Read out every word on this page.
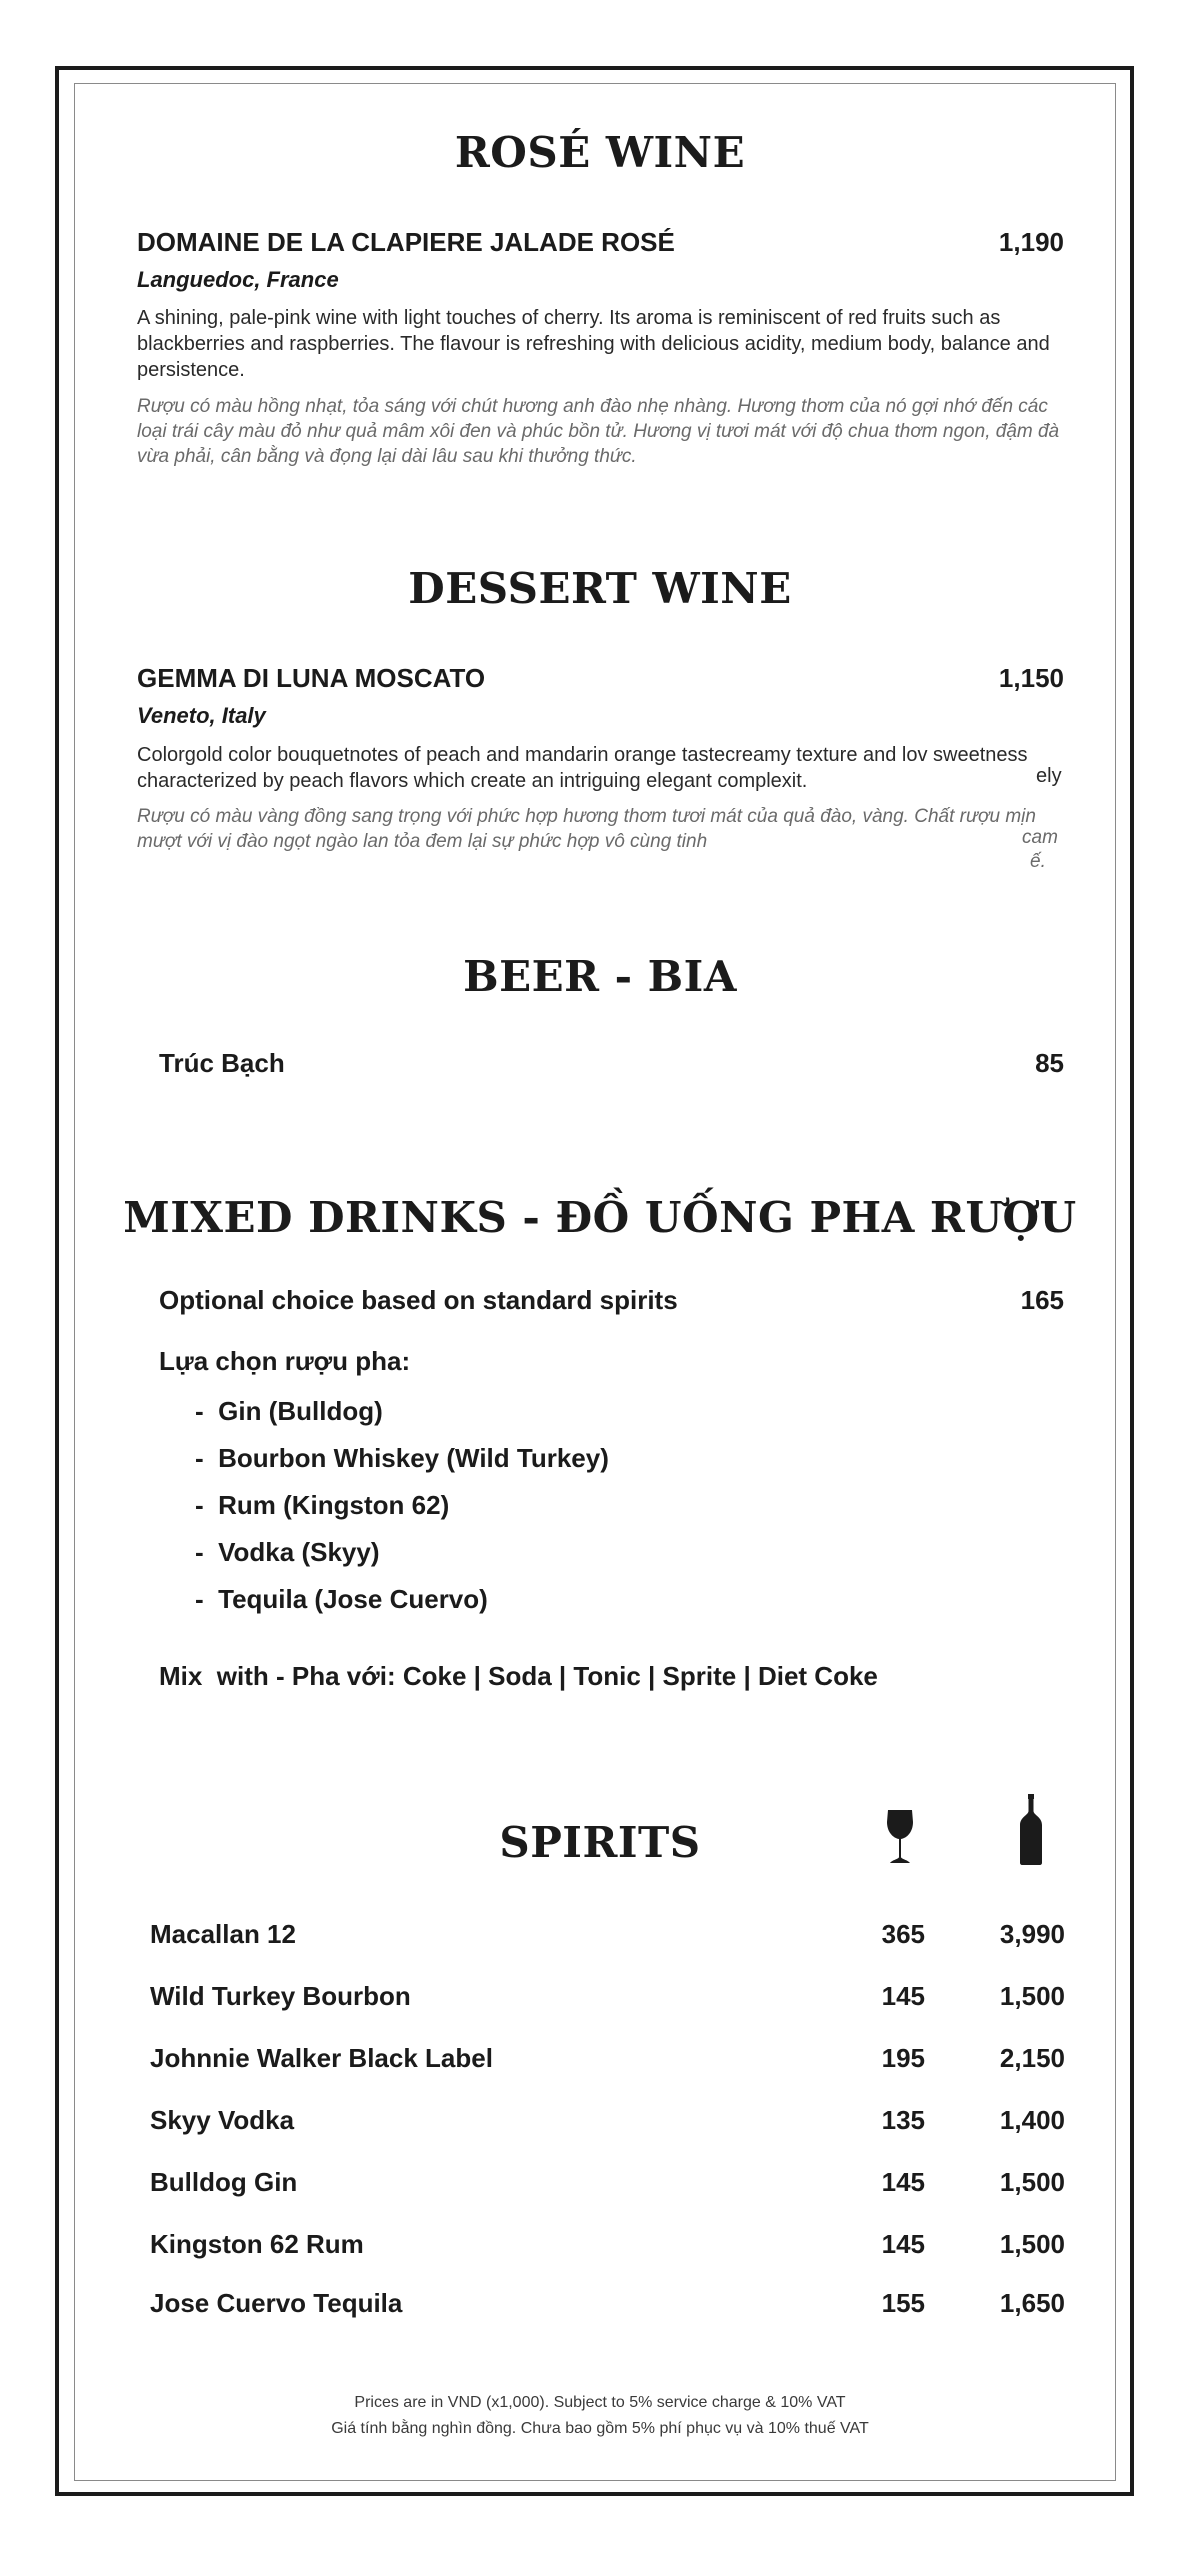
ROSÉ WINE
DOMAINE DE LA CLAPIERE JALADE ROSÉ	1,190
Languedoc, France
A shining, pale-pink wine with light touches of cherry. Its aroma is reminiscent of red fruits such as blackberries and raspberries. The flavour is refreshing with delicious acidity, medium body, balance and persistence.
Rượu có màu hồng nhạt, tỏa sáng với chút hương anh đào nhẹ nhàng. Hương thơm của nó gợi nhớ đến các loại trái cây màu đỏ như quả mâm xôi đen và phúc bồn tử. Hương vị tươi mát với độ chua thơm ngon, đậm đà vừa phải, cân bằng và đọng lại dài lâu sau khi thưởng thức.
DESSERT WINE
GEMMA DI LUNA MOSCATO	1,150
Veneto, Italy
Colorgold color bouquetnotes of peach and mandarin orange tastecreamy texture and lov sweetness characterized by peach flavors which create an intriguing elegant complexit.	ely
Rượu có màu vàng đồng sang trọng với phức hợp hương thơm tươi mát của quả đào, vàng. Chất rượu mịn mượt với vị đào ngọt ngào lan tỏa đem lại sự phức hợp vô cùng tinh	cam
ế.
BEER - BIA
Trúc Bạch	85
MIXED DRINKS - ĐỒ UỐNG PHA RƯỢU
Optional choice based on standard spirits	165
Lựa chọn rượu pha:
- Gin (Bulldog)
- Bourbon Whiskey (Wild Turkey)
- Rum (Kingston 62)
- Vodka (Skyy)
- Tequila (Jose Cuervo)
Mix  with - Pha với: Coke | Soda | Tonic | Sprite | Diet Coke
SPIRITS
Macallan 12	365	3,990
Wild Turkey Bourbon	145	1,500
Johnnie Walker Black Label	195	2,150
Skyy Vodka	135	1,400
Bulldog Gin	145	1,500
Kingston 62 Rum	145	1,500
Jose Cuervo Tequila	155	1,650
Prices are in VND (x1,000). Subject to 5% service charge & 10% VAT
Giá tính bằng nghìn đồng. Chưa bao gồm 5% phí phục vụ và 10% thuế VAT
